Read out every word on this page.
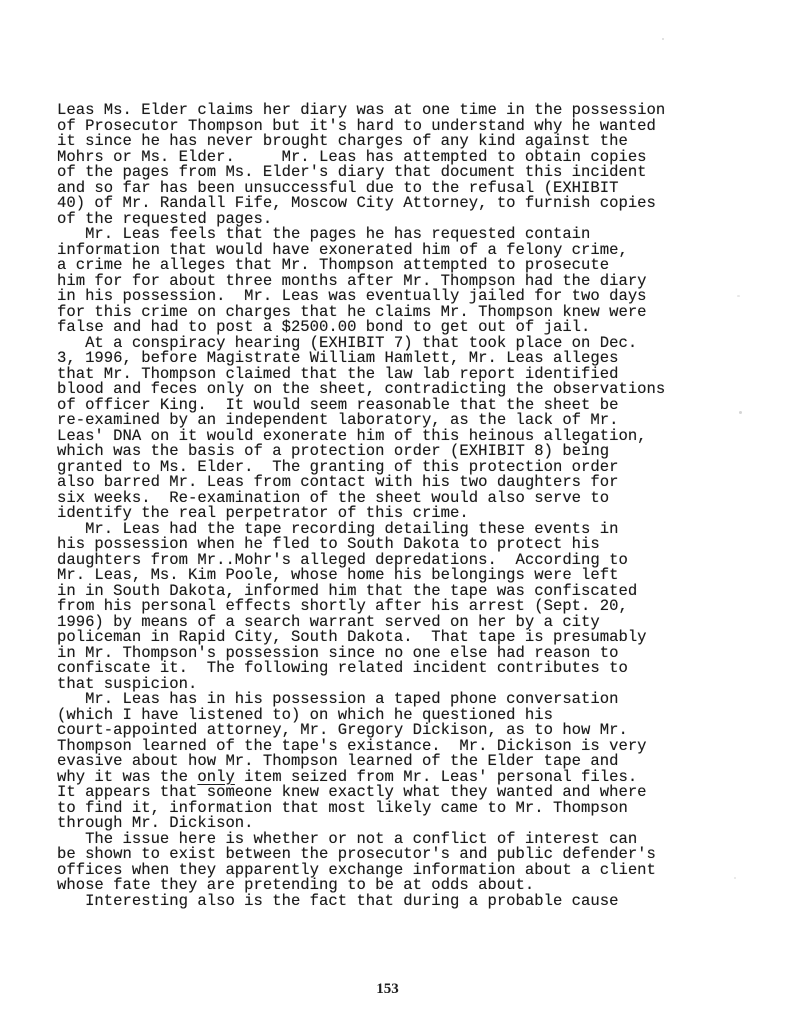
Leas Ms. Elder claims her diary was at one time in the possession
of Prosecutor Thompson but it's hard to understand why he wanted
it since he has never brought charges of any kind against the
Mohrs or Ms. Elder.     Mr. Leas has attempted to obtain copies
of the pages from Ms. Elder's diary that document this incident
and so far has been unsuccessful due to the refusal (EXHIBIT
40) of Mr. Randall Fife, Moscow City Attorney, to furnish copies
of the requested pages.
Mr. Leas feels that the pages he has requested contain
information that would have exonerated him of a felony crime,
a crime he alleges that Mr. Thompson attempted to prosecute
him for for about three months after Mr. Thompson had the diary
in his possession.  Mr. Leas was eventually jailed for two days
for this crime on charges that he claims Mr. Thompson knew were
false and had to post a $2500.00 bond to get out of jail.
At a conspiracy hearing (EXHIBIT 7) that took place on Dec.
3, 1996, before Magistrate William Hamlett, Mr. Leas alleges
that Mr. Thompson claimed that the law lab report identified
blood and feces only on the sheet, contradicting the observations
of officer King.  It would seem reasonable that the sheet be
re-examined by an independent laboratory, as the lack of Mr.
Leas' DNA on it would exonerate him of this heinous allegation,
which was the basis of a protection order (EXHIBIT 8) being
granted to Ms. Elder.  The granting of this protection order
also barred Mr. Leas from contact with his two daughters for
six weeks.  Re-examination of the sheet would also serve to
identify the real perpetrator of this crime.
Mr. Leas had the tape recording detailing these events in
his possession when he fled to South Dakota to protect his
daughters from Mr..Mohr's alleged depredations.  According to
Mr. Leas, Ms. Kim Poole, whose home his belongings were left
in in South Dakota, informed him that the tape was confiscated
from his personal effects shortly after his arrest (Sept. 20,
1996) by means of a search warrant served on her by a city
policeman in Rapid City, South Dakota.  That tape is presumably
in Mr. Thompson's possession since no one else had reason to
confiscate it.  The following related incident contributes to
that suspicion.
Mr. Leas has in his possession a taped phone conversation
(which I have listened to) on which he questioned his
court-appointed attorney, Mr. Gregory Dickison, as to how Mr.
Thompson learned of the tape's existance.  Mr. Dickison is very
evasive about how Mr. Thompson learned of the Elder tape and
why it was the only item seized from Mr. Leas' personal files.
It appears that someone knew exactly what they wanted and where
to find it, information that most likely came to Mr. Thompson
through Mr. Dickison.
The issue here is whether or not a conflict of interest can
be shown to exist between the prosecutor's and public defender's
offices when they apparently exchange information about a client
whose fate they are pretending to be at odds about.
Interesting also is the fact that during a probable cause
153
